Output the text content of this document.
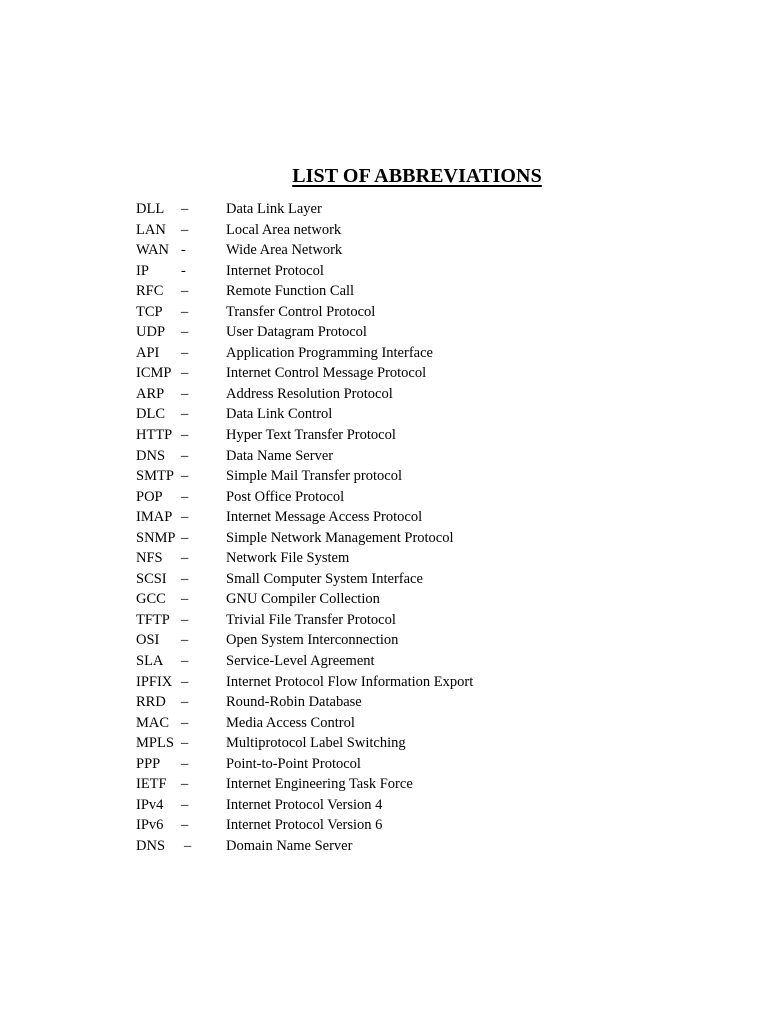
LIST OF ABBREVIATIONS
DLL –	Data Link Layer
LAN –	Local Area network
WAN -	Wide Area Network
IP -	Internet Protocol
RFC –	Remote Function Call
TCP –	Transfer Control Protocol
UDP –	User Datagram Protocol
API –	Application Programming Interface
ICMP –	Internet Control Message Protocol
ARP –	Address Resolution Protocol
DLC –	Data Link Control
HTTP –	Hyper Text Transfer Protocol
DNS –	Data Name Server
SMTP –	Simple Mail Transfer protocol
POP –	Post Office Protocol
IMAP –	Internet Message Access Protocol
SNMP –	Simple Network Management Protocol
NFS –	Network File System
SCSI –	Small Computer System Interface
GCC –	GNU Compiler Collection
TFTP –	Trivial File Transfer Protocol
OSI –	Open System Interconnection
SLA –	Service-Level Agreement
IPFIX –	Internet Protocol Flow Information Export
RRD –	Round-Robin Database
MAC –	Media Access Control
MPLS –	Multiprotocol Label Switching
PPP –	Point-to-Point Protocol
IETF –	Internet Engineering Task Force
IPv4 –	Internet Protocol Version 4
IPv6 –	Internet Protocol Version 6
DNS – Domain Name Server
